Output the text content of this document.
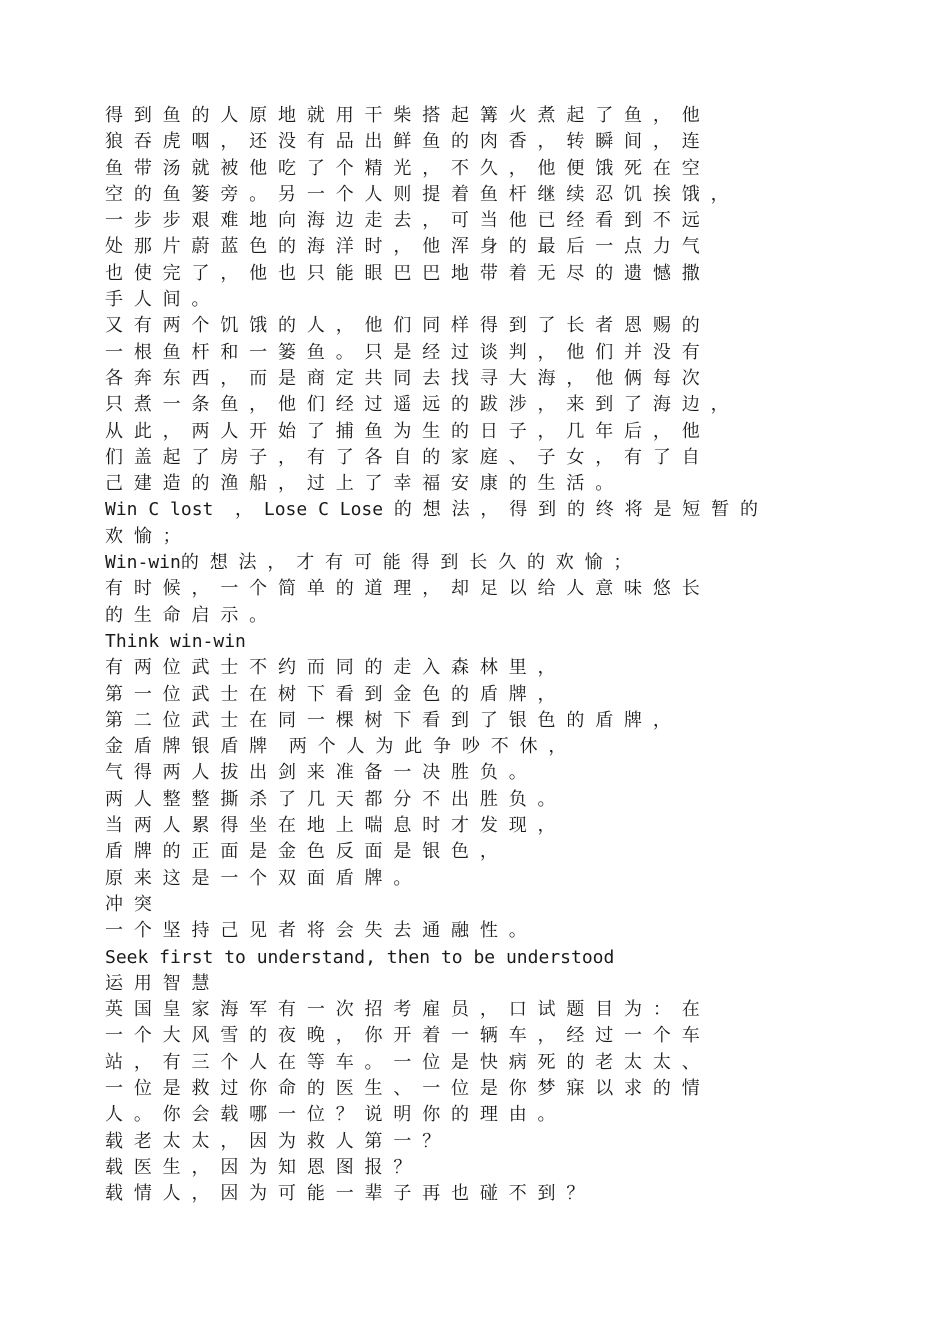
得 到 鱼 的 人 原 地 就 用 干 柴 搭 起 篝 火 煮 起 了 鱼 ， 他
狼 吞 虎 咽 ， 还 没 有 品 出 鲜 鱼 的 肉 香 ， 转 瞬 间 ， 连
鱼 带 汤 就 被 他 吃 了 个 精 光 ， 不 久 ， 他 便 饿 死 在 空
空 的 鱼 篓 旁 。 另 一 个 人 则 提 着 鱼 杆 继 续 忍 饥 挨 饿 ，
一 步 步 艰 难 地 向 海 边 走 去 ， 可 当 他 已 经 看 到 不 远
处 那 片 蔚 蓝 色 的 海 洋 时 ， 他 浑 身 的 最 后 一 点 力 气
也 使 完 了 ， 他 也 只 能 眼 巴 巴 地 带 着 无 尽 的 遗 憾 撒
手 人 间 。
又 有 两 个 饥 饿 的 人 ， 他 们 同 样 得 到 了 长 者 恩 赐 的
一 根 鱼 杆 和 一 篓 鱼 。 只 是 经 过 谈 判 ， 他 们 并 没 有
各 奔 东 西 ， 而 是 商 定 共 同 去 找 寻 大 海 ， 他 俩 每 次
只 煮 一 条 鱼 ， 他 们 经 过 遥 远 的 跋 涉 ， 来 到 了 海 边 ，
从 此 ， 两 人 开 始 了 捕 鱼 为 生 的 日 子 ， 几 年 后 ， 他
们 盖 起 了 房 子 ， 有 了 各 自 的 家 庭 、 子 女 ， 有 了 自
己 建 造 的 渔 船 ， 过 上 了 幸 福 安 康 的 生 活 。
Win C lost  ， Lose C Lose 的 想 法 ， 得 到 的 终 将 是 短 暂 的
欢 愉 ；
Win-win的 想 法 ， 才 有 可 能 得 到 长 久 的 欢 愉 ；
有 时 候 ， 一 个 简 单 的 道 理 ， 却 足 以 给 人 意 味 悠 长
的 生 命 启 示 。
Think win-win
有 两 位 武 士 不 约 而 同 的 走 入 森 林 里 ，
第 一 位 武 士 在 树 下 看 到 金 色 的 盾 牌 ，
第 二 位 武 士 在 同 一 棵 树 下 看 到 了 银 色 的 盾 牌 ，
金 盾 牌 银 盾 牌  两 个 人 为 此 争 吵 不 休 ，
气 得 两 人 拔 出 剑 来 准 备 一 决 胜 负 。
两 人 整 整 撕 杀 了 几 天 都 分 不 出 胜 负 。
当 两 人 累 得 坐 在 地 上 喘 息 时 才 发 现 ，
盾 牌 的 正 面 是 金 色 反 面 是 银 色 ，
原 来 这 是 一 个 双 面 盾 牌 。
冲 突
一 个 坚 持 己 见 者 将 会 失 去 通 融 性 。
Seek first to understand, then to be understood
运 用 智 慧
英 国 皇 家 海 军 有 一 次 招 考 雇 员 ， 口 试 题 目 为 ： 在
一 个 大 风 雪 的 夜 晚 ， 你 开 着 一 辆 车 ， 经 过 一 个 车
站 ， 有 三 个 人 在 等 车 。 一 位 是 快 病 死 的 老 太 太 、
一 位 是 救 过 你 命 的 医 生 、 一 位 是 你 梦 寐 以 求 的 情
人 。 你 会 载 哪 一 位 ？ 说 明 你 的 理 由 。
载 老 太 太 ， 因 为 救 人 第 一 ？
载 医 生 ， 因 为 知 恩 图 报 ？
载 情 人 ， 因 为 可 能 一 辈 子 再 也 碰 不 到 ？
